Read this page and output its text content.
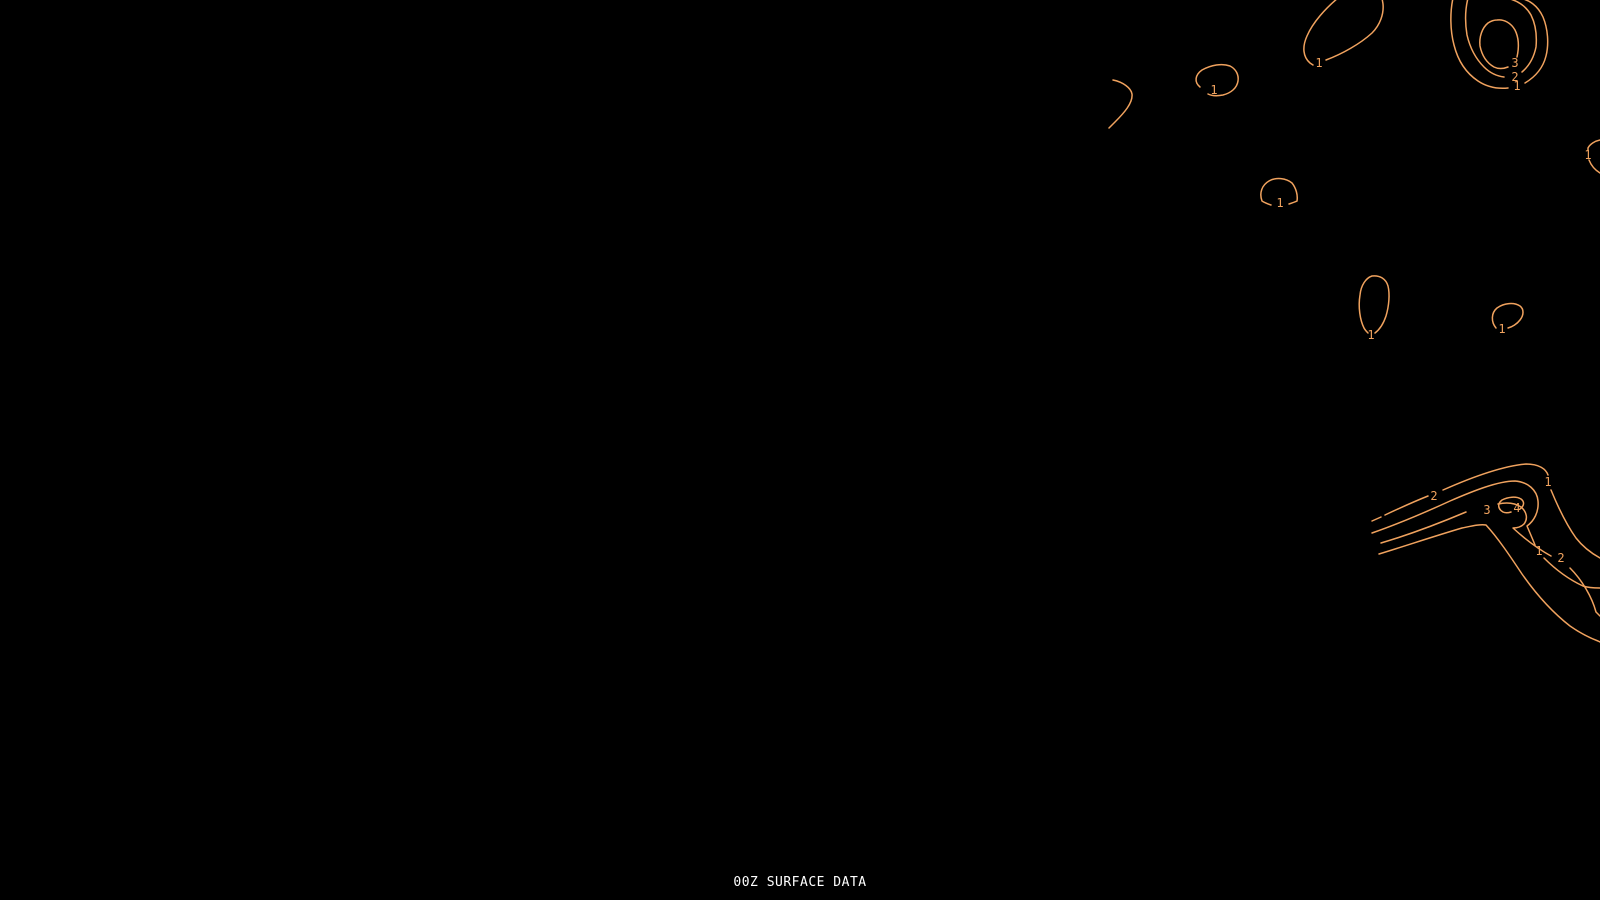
1
1
1
1	1
1
2
3
1
2
1
1
3
2
4
00Z SURFACE DATA
